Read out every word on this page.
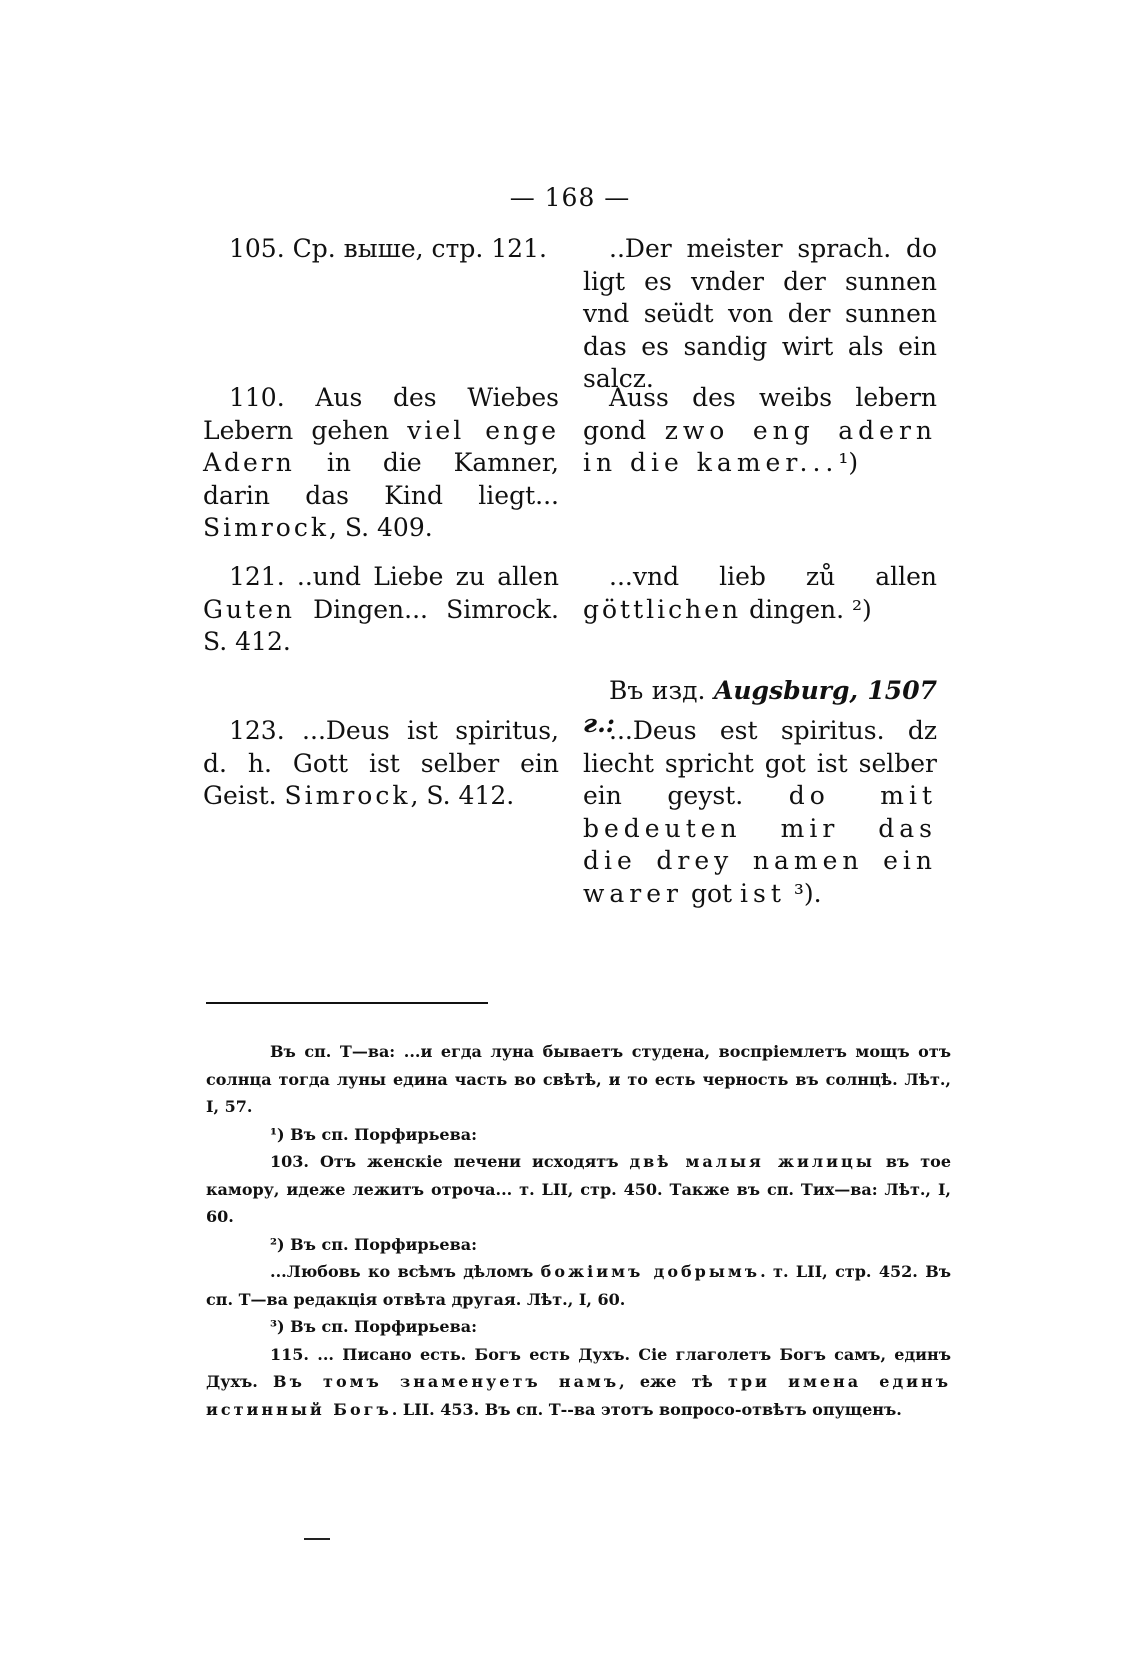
— 168 —

105. Ср. выше, стр. 121.	..Der meister sprach. do ligt es vnder der sunnen vnd seüdt von der sunnen das es sandig wirt als ein salcz.

110. Aus des Wiebes Lebern gehen viel enge Adern in die Kamner, darin das Kind liegt... Simrock, S. 409.

Auss des weibs lebern gond zwo eng adern in die kamer...¹)

121. ..und Liebe zu allen Guten Dingen... Simrock. S. 412.

...vnd lieb zů allen göttlichen dingen. ²)

Въ изд. Augsburg, 1507 г.:

123. ...Deus ist spiritus, d. h. Gott ist selber ein Geist. Simrock, S. 412.

...Deus est spiritus. dz liecht spricht got ist selber ein geyst. do mit bedeuten mir das die drey namen ein warer got ist ³).

Въ сп. Т—ва: ...и егда луна бываетъ студена, воспріемлетъ мощъ отъ солнца тогда луны едина часть во свѣтѣ, и то есть черность въ солнцѣ. Лѣт., I, 57.

¹) Въ сп. Порфирьева:

103. Отъ женскіе печени исходятъ двѣ малыя жилицы въ тое камору, идеже лежитъ отроча... т. LII, стр. 450. Также въ сп. Тих—ва: Лѣт., I, 60.

²) Въ сп. Порфирьева:

...Любовь ко всѣмъ дѣломъ божіимъ добрымъ. т. LII, стр. 452. Въ сп. Т—ва редакція отвѣта другая. Лѣт., I, 60.

³) Въ сп. Порфирьева:

115. ... Писано есть. Богъ есть Духъ. Сіе глаголетъ Богъ самъ, единъ Духъ. Въ томъ знаменуетъ намъ, еже тѣ три имена единъ истинный Богъ. LII. 453. Въ сп. Т--ва этотъ вопросо-отвѣтъ опущенъ.
